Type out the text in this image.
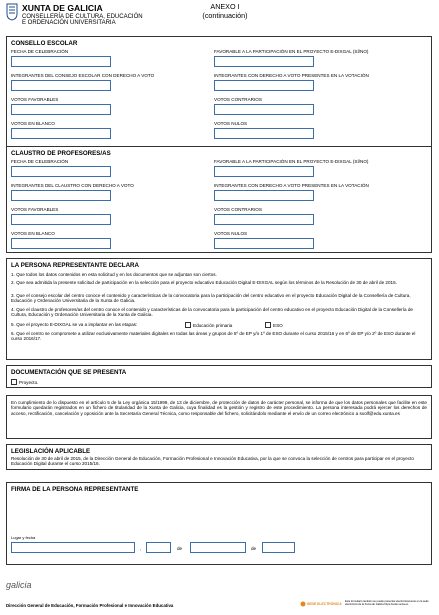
XUNTA DE GALICIA
CONSELLERÍA DE CULTURA, EDUCACIÓN
E ORDENACIÓN UNIVERSITARIA
ANEXO I
(continuación)
CONSELLO ESCOLAR
FECHA DE CELEBRACIÓN	FAVORABLE A LA PARTICIPACIÓN EN EL PROYECTO E-DIXGAL (SÍ/NO)
INTEGRANTES DEL CONSEJO ESCOLAR CON DERECHO A VOTO	INTEGRANTES CON DERECHO A VOTO PRESENTES EN LA VOTACIÓN
VOTOS FAVORABLES	VOTOS CONTRARIOS
VOTOS EN BLANCO	VOTOS NULOS
CLAUSTRO DE PROFESORES/AS
FECHA DE CELEBRACIÓN	FAVORABLE A LA PARTICIPACIÓN EN EL PROYECTO E-DIXGAL (SÍ/NO)
INTEGRANTES DEL CLAUSTRO CON DERECHO A VOTO	INTEGRANTES CON DERECHO A VOTO PRESENTES EN LA VOTACIÓN
VOTOS FAVORABLES	VOTOS CONTRARIOS
VOTOS EN BLANCO	VOTOS NULOS
LA PERSONA REPRESENTANTE DECLARA
1. Que todos los datos contenidos en esta solicitud y en los documentos que se adjuntan son ciertos.
2. Que sea admitida la presente solicitud de participación en la selección para el proyecto educativo Educación Digital E-DIXGAL según los términos de la Resolución de 30 de abril de 2015.
3. Que el consejo escolar del centro conoce el contenido y características de la convocatoria para la participación del centro educativo en el proyecto Educación Digital de la Consellería de Cultura, Educación y Ordenación Universitaria de la Xunta de Galicia.
4. Que el claustro de profesores/as del centro conoce el contenido y características de la convocatoria para la participación del centro educativo en el proyecto Educación Digital de la Consellería de Cultura, Educación y Ordenación Universitaria de la Xunta de Galicia.
5. Que el proyecto E-DIXGAL se va a implantar en las etapas:	Educación primaria	ESO
6. Que el centro se compromete a utilizar exclusivamente materiales digitales en todas las áreas y grupos de 5º de EP y/o 1º de ESO durante el curso 2015/16 y en 6º de EP y/o 2º de ESO durante el curso 2016/17.
DOCUMENTACIÓN QUE SE PRESENTA
Proyecto.
En cumplimiento de lo dispuesto en el artículo 5 de la Ley orgánica 15/1999, de 13 de diciembre, de protección de datos de carácter personal, se informa de que los datos personales que facilite en este formulario quedarán registrados en un fichero de titularidad de la Xunta de Galicia, cuya finalidad es la gestión y registro de este procedimiento. La persona interesada podrá ejercer los derechos de acceso, rectificación, cancelación y oposición ante la Secretaría General Técnica, como responsable del fichero, solicitándolo mediante el envío de un correo electrónico a sxolf@edu.xunta.es
LEGISLACIÓN APLICABLE
Resolución de 30 de abril de 2015, de la Dirección General de Educación, Formación Profesional e Innovación Educativa, por la que se convoca la selección de centros para participar en el proyecto Educación Digital durante el curso 2015/16.
FIRMA DE LA PERSONA REPRESENTANTE
Lugar y fecha
,	de	de
galicia
Dirección General de Educación, Formación Profesional e Innovación Educativa	SEDE ELECTRÓNICA
Este formulario también se puede presentar electrónicamente en la sede electrónica de la Xunta de Galicia https://sede.xunta.es
